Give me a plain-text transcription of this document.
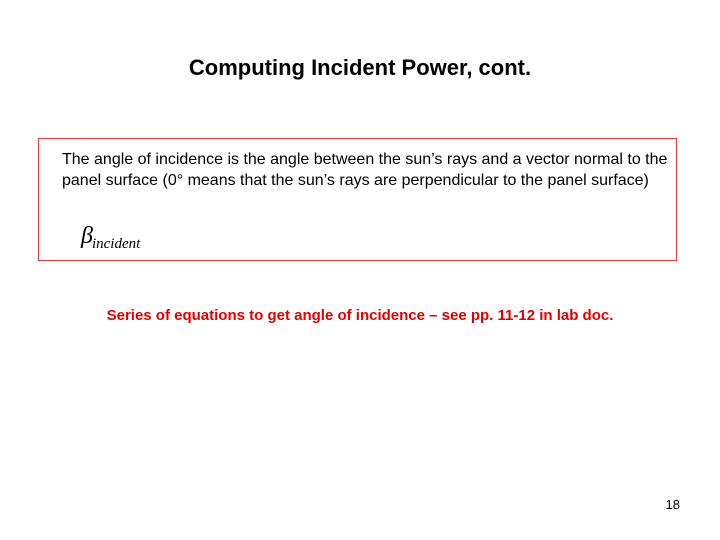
Computing Incident Power, cont.
The angle of incidence is the angle between the sun’s rays and a vector normal to the panel surface (0° means that the sun’s rays are perpendicular to the panel surface)
βincident
Series of equations to get angle of incidence – see pp. 11-12 in lab doc.
18
